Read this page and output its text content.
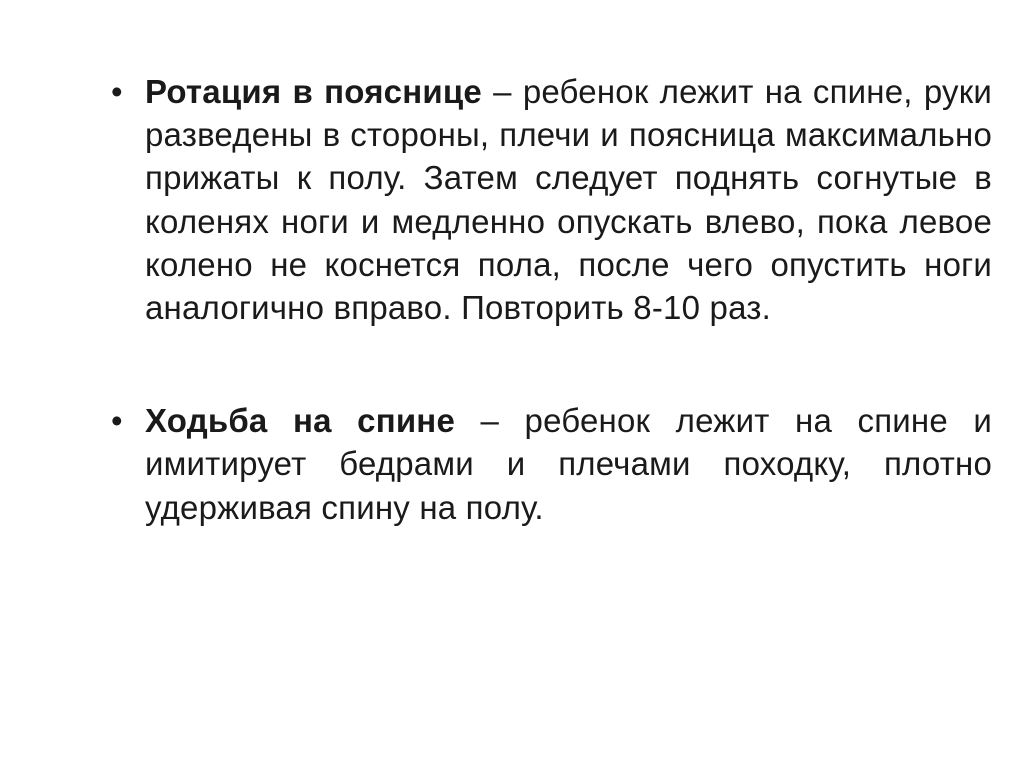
• Ротация в пояснице – ребенок лежит на спине, руки разведены в стороны, плечи и поясница максимально прижаты к полу. Затем следует поднять согнутые в коленях ноги и медленно опускать влево, пока левое колено не коснется пола, после чего опустить ноги аналогично вправо. Повторить 8-10 раз.
• Ходьба на спине – ребенок лежит на спине и имитирует бедрами и плечами походку, плотно удерживая спину на полу.
